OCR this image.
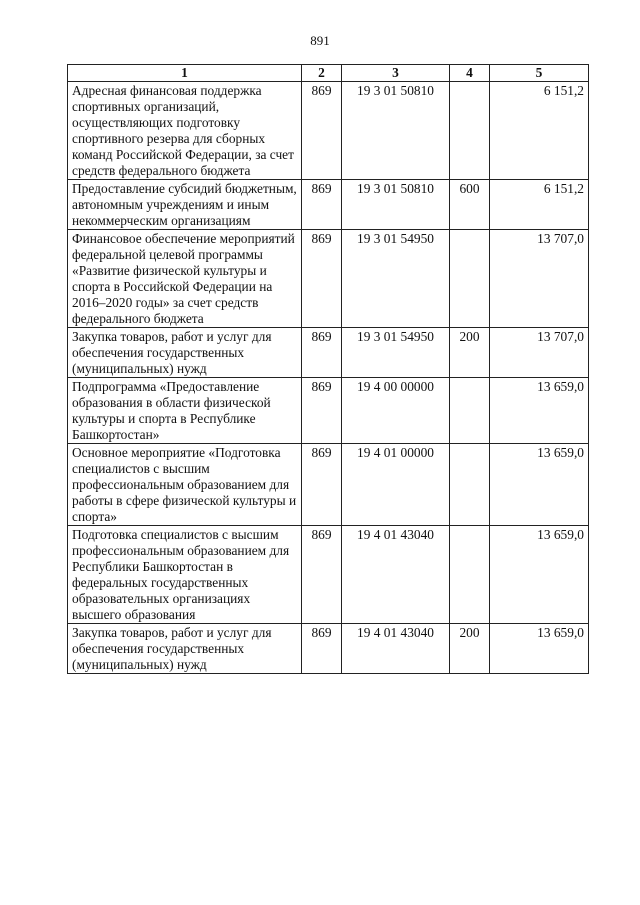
891
1	2	3	4	5
Адресная финансовая поддержка спортивных организаций, осуществляющих подготовку спортивного резерва для сборных команд Российской Федерации, за счет средств федерального бюджета	869	19 3 01 50810		6 151,2
Предоставление субсидий бюджетным, автономным учреждениям и иным некоммерческим организациям	869	19 3 01 50810	600	6 151,2
Финансовое обеспечение мероприятий федеральной целевой программы «Развитие физической культуры и спорта в Российской Федерации на 2016–2020 годы» за счет средств федерального бюджета	869	19 3 01 54950		13 707,0
Закупка товаров, работ и услуг для обеспечения государственных (муниципальных) нужд	869	19 3 01 54950	200	13 707,0
Подпрограмма «Предоставление образования в области физической культуры и спорта в Республике Башкортостан»	869	19 4 00 00000		13 659,0
Основное мероприятие «Подготовка специалистов с высшим профессиональным образованием для работы в сфере физической культуры и спорта»	869	19 4 01 00000		13 659,0
Подготовка специалистов с высшим профессиональным образованием для Республики Башкортостан в федеральных государственных образовательных организациях высшего образования	869	19 4 01 43040		13 659,0
Закупка товаров, работ и услуг для обеспечения государственных (муниципальных) нужд	869	19 4 01 43040	200	13 659,0
